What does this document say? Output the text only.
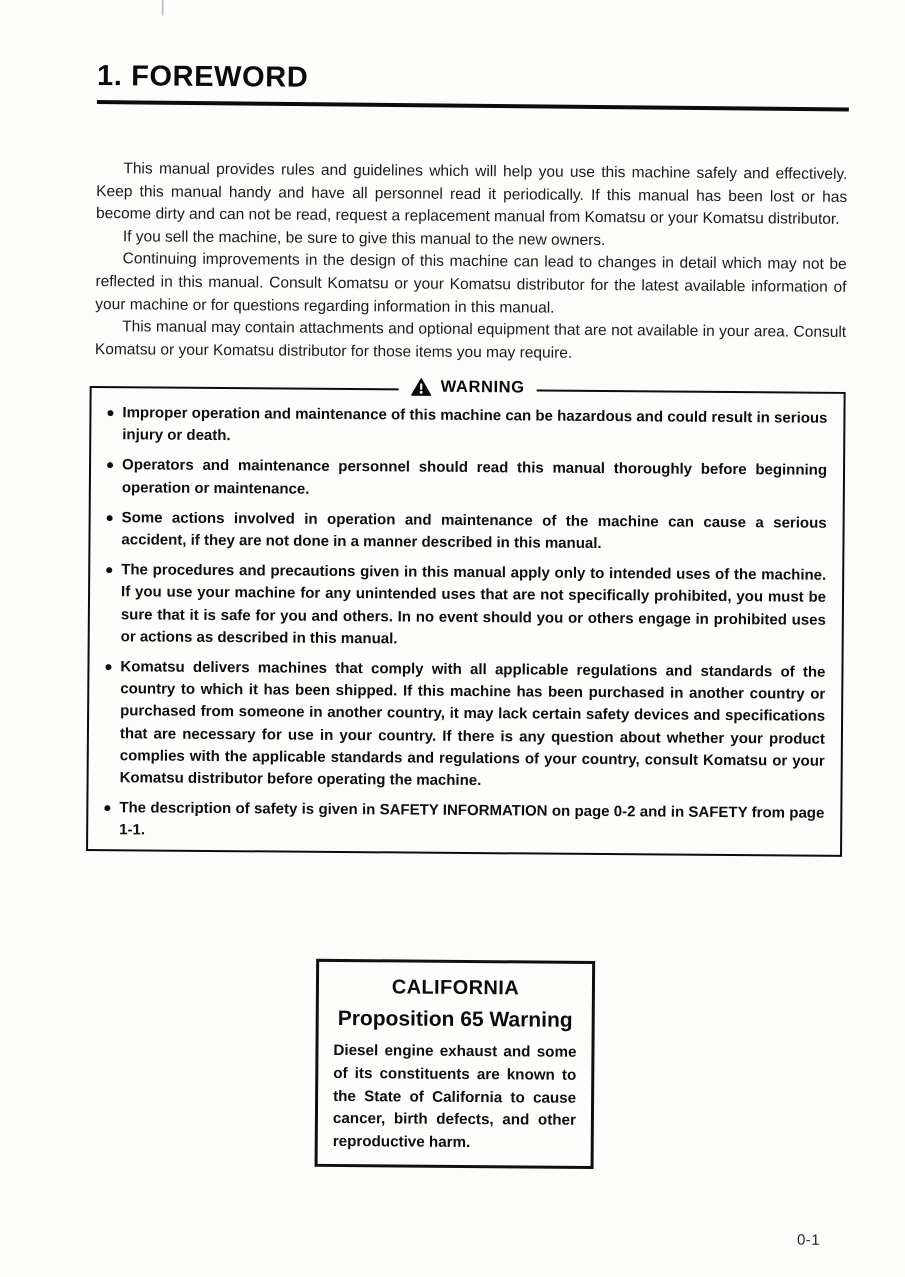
1. FOREWORD

This manual provides rules and guidelines which will help you use this machine safely and effectively. Keep this manual handy and have all personnel read it periodically. If this manual has been lost or has become dirty and can not be read, request a replacement manual from Komatsu or your Komatsu distributor.

If you sell the machine, be sure to give this manual to the new owners.

Continuing improvements in the design of this machine can lead to changes in detail which may not be reflected in this manual. Consult Komatsu or your Komatsu distributor for the latest available information of your machine or for questions regarding information in this manual.

This manual may contain attachments and optional equipment that are not available in your area. Consult Komatsu or your Komatsu distributor for those items you may require.

WARNING
Improper operation and maintenance of this machine can be hazardous and could result in serious injury or death.
Operators and maintenance personnel should read this manual thoroughly before beginning operation or maintenance.
Some actions involved in operation and maintenance of the machine can cause a serious accident, if they are not done in a manner described in this manual.
The procedures and precautions given in this manual apply only to intended uses of the machine. If you use your machine for any unintended uses that are not specifically prohibited, you must be sure that it is safe for you and others. In no event should you or others engage in prohibited uses or actions as described in this manual.
Komatsu delivers machines that comply with all applicable regulations and standards of the country to which it has been shipped. If this machine has been purchased in another country or purchased from someone in another country, it may lack certain safety devices and specifications that are necessary for use in your country. If there is any question about whether your product complies with the applicable standards and regulations of your country, consult Komatsu or your Komatsu distributor before operating the machine.
The description of safety is given in SAFETY INFORMATION on page 0-2 and in SAFETY from page 1-1.
CALIFORNIA
Proposition 65 Warning

Diesel engine exhaust and some of its constituents are known to the State of California to cause cancer, birth defects, and other reproductive harm.

0-1
